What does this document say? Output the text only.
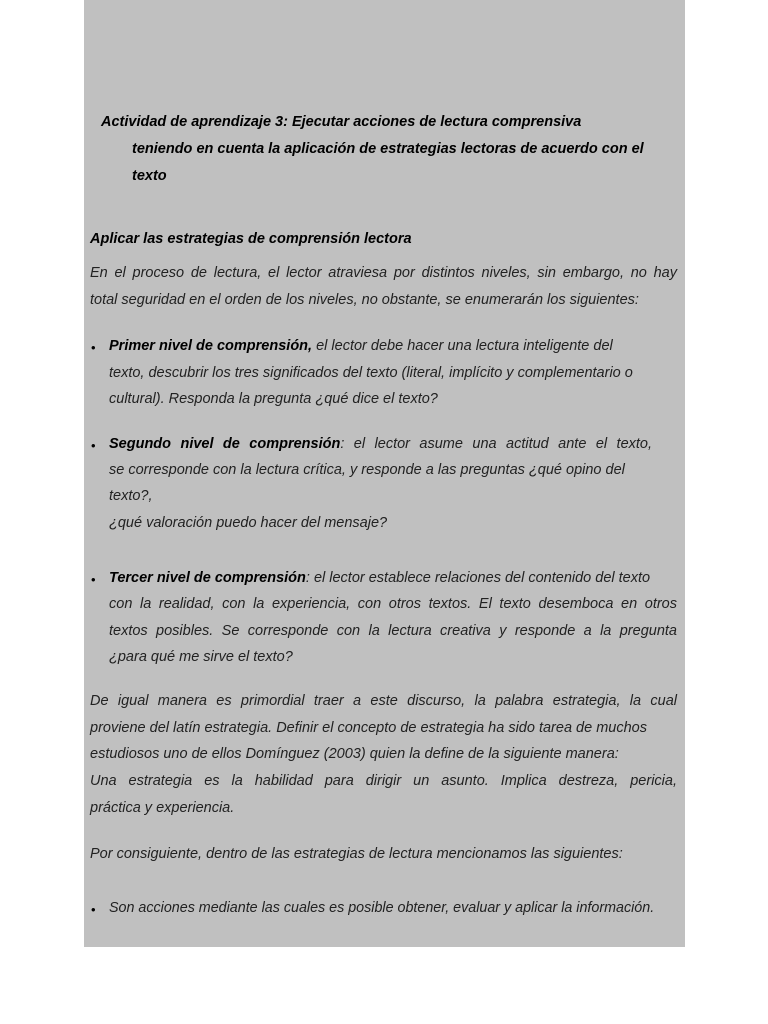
Actividad de aprendizaje 3: Ejecutar acciones de lectura comprensiva
teniendo en cuenta la aplicación de estrategias lectoras de acuerdo con el
texto
Aplicar las estrategias de comprensión lectora
En el proceso de lectura, el lector atraviesa por distintos niveles, sin embargo, no hay
total seguridad en el orden de los niveles, no obstante, se enumerarán los siguientes:
• Primer nivel de comprensión, el lector debe hacer una lectura inteligente del
texto, descubrir los tres significados del texto (literal, implícito y complementario o
cultural). Responda la pregunta ¿qué dice el texto?
• Segundo nivel de comprensión: el lector asume una actitud ante el texto,
se corresponde con la lectura crítica, y responde a las preguntas ¿qué opino del
texto?,
¿qué valoración puedo hacer del mensaje?
• Tercer nivel de comprensión: el lector establece relaciones del contenido del texto
con la realidad, con la experiencia, con otros textos. El texto desemboca en otros
textos posibles. Se corresponde con la lectura creativa y responde a la pregunta
¿para qué me sirve el texto?
De igual manera es primordial traer a este discurso, la palabra estrategia, la cual
proviene del latín estrategia. Definir el concepto de estrategia ha sido tarea de muchos
estudiosos uno de ellos Domínguez (2003) quien la define de la siguiente manera:
Una estrategia es la habilidad para dirigir un asunto. Implica destreza, pericia,
práctica y experiencia.
Por consiguiente, dentro de las estrategias de lectura mencionamos las siguientes:
• Son acciones mediante las cuales es posible obtener, evaluar y aplicar la información.
